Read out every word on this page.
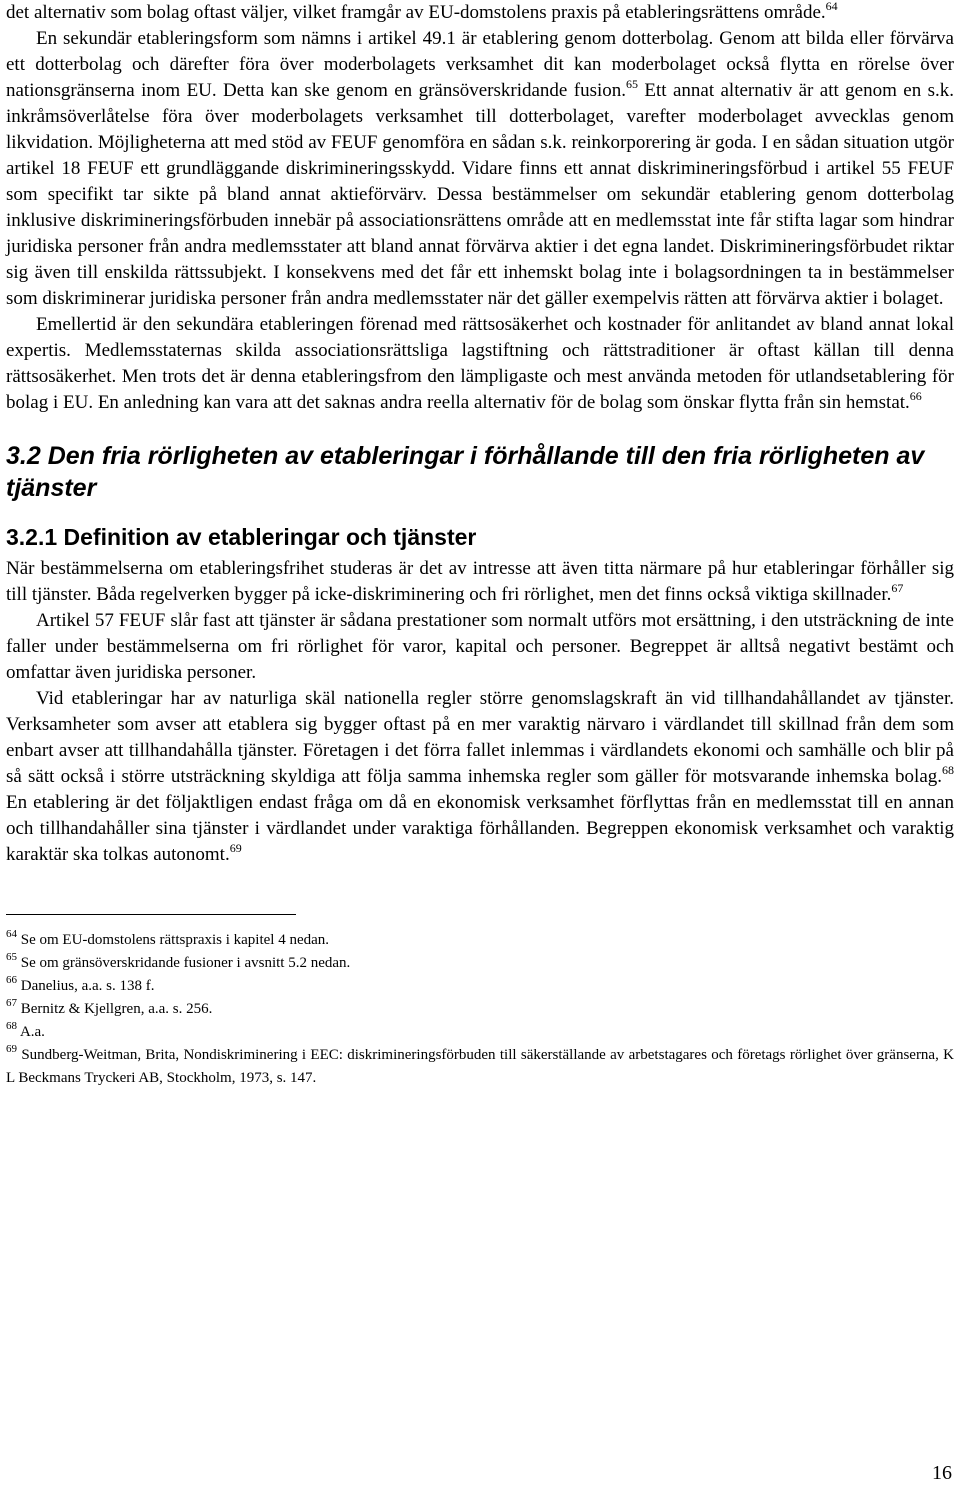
det alternativ som bolag oftast väljer, vilket framgår av EU-domstolens praxis på etableringsrättens område.$^{64}$

En sekundär etableringsform som nämns i artikel 49.1 är etablering genom dotterbolag. Genom att bilda eller förvärva ett dotterbolag och därefter föra över moderbolagets verksamhet dit kan moderbolaget också flytta en rörelse över nationsgränserna inom EU. Detta kan ske genom en gränsöverskridande fusion.$^{65}$ Ett annat alternativ är att genom en s.k. inkråmsöverlåtelse föra över moderbolagets verksamhet till dotterbolaget, varefter moderbolaget avvecklas genom likvidation. Möjligheterna att med stöd av FEUF genomföra en sådan s.k. reinkorporering är goda. I en sådan situation utgör artikel 18 FEUF ett grundläggande diskrimineringsskydd. Vidare finns ett annat diskrimineringsförbud i artikel 55 FEUF som specifikt tar sikte på bland annat aktieförvärv. Dessa bestämmelser om sekundär etablering genom dotterbolag inklusive diskrimineringsförbuden innebär på associationsrättens område att en medlemsstat inte får stifta lagar som hindrar juridiska personer från andra medlemsstater att bland annat förvärva aktier i det egna landet. Diskrimineringsförbudet riktar sig även till enskilda rättssubjekt. I konsekvens med det får ett inhemskt bolag inte i bolagsordningen ta in bestämmelser som diskriminerar juridiska personer från andra medlemsstater när det gäller exempelvis rätten att förvärva aktier i bolaget.

Emellertid är den sekundära etableringen förenad med rättsosäkerhet och kostnader för anlitandet av bland annat lokal expertis. Medlemsstaternas skilda associationsrättsliga lagstiftning och rättstraditioner är oftast källan till denna rättsosäkerhet. Men trots det är denna etableringsfrom den lämpligaste och mest använda metoden för utlandsetablering för bolag i EU. En anledning kan vara att det saknas andra reella alternativ för de bolag som önskar flytta från sin hemstat.$^{66}$

3.2 Den fria rörligheten av etableringar i förhållande till den fria rörligheten av tjänster
3.2.1 Definition av etableringar och tjänster

När bestämmelserna om etableringsfrihet studeras är det av intresse att även titta närmare på hur etableringar förhåller sig till tjänster. Båda regelverken bygger på icke-diskriminering och fri rörlighet, men det finns också viktiga skillnader.$^{67}$

Artikel 57 FEUF slår fast att tjänster är sådana prestationer som normalt utförs mot ersättning, i den utsträckning de inte faller under bestämmelserna om fri rörlighet för varor, kapital och personer. Begreppet är alltså negativt bestämt och omfattar även juridiska personer.

Vid etableringar har av naturliga skäl nationella regler större genomslagskraft än vid tillhandahållandet av tjänster. Verksamheter som avser att etablera sig bygger oftast på en mer varaktig närvaro i värdlandet till skillnad från dem som enbart avser att tillhandahålla tjänster. Företagen i det förra fallet inlemmas i värdlandets ekonomi och samhälle och blir på så sätt också i större utsträckning skyldiga att följa samma inhemska regler som gäller för motsvarande inhemska bolag.$^{68}$ En etablering är det följaktligen endast fråga om då en ekonomisk verksamhet förflyttas från en medlemsstat till en annan och tillhandahåller sina tjänster i värdlandet under varaktiga förhållanden. Begreppen ekonomisk verksamhet och varaktig karaktär ska tolkas autonomt.$^{69}$

$^{64}$ Se om EU-domstolens rättspraxis i kapitel 4 nedan.

$^{65}$ Se om gränsöverskridande fusioner i avsnitt 5.2 nedan.

$^{66}$ Danelius, a.a. s. 138 f.

$^{67}$ Bernitz & Kjellgren, a.a. s. 256.

$^{68}$ A.a.

$^{69}$ Sundberg-Weitman, Brita, Nondiskriminering i EEC: diskrimineringsförbuden till säkerställande av arbetstagares och företags rörlighet över gränserna, K L Beckmans Tryckeri AB, Stockholm, 1973, s. 147.

16
